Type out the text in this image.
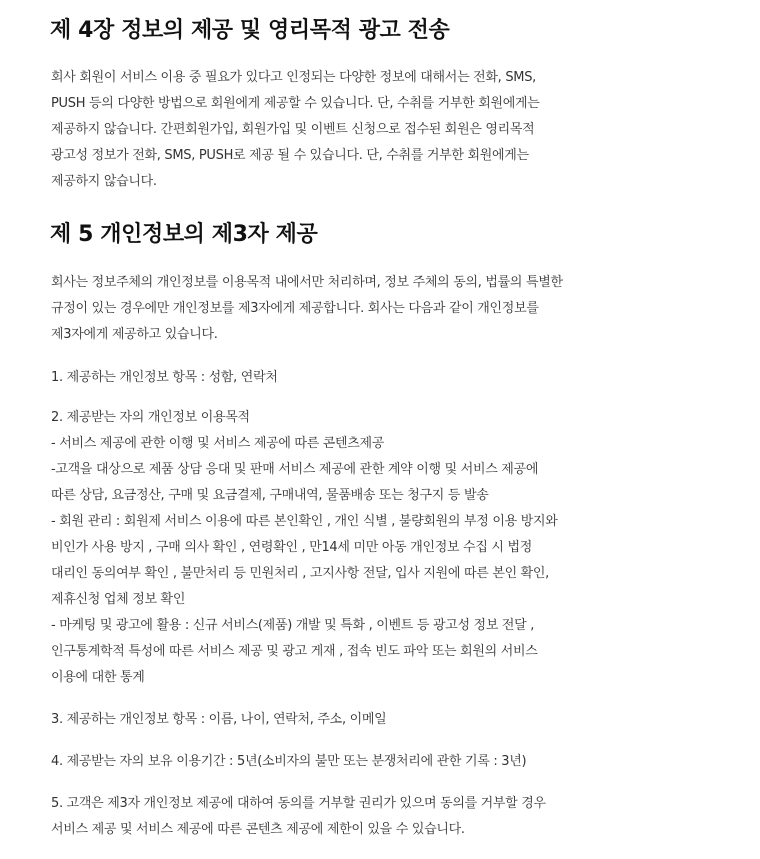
제 4장 정보의 제공 및 영리목적 광고 전송

회사 회원이 서비스 이용 중 필요가 있다고 인정되는 다양한 정보에 대해서는 전화, SMS,
PUSH 등의 다양한 방법으로 회원에게 제공할 수 있습니다. 단, 수취를 거부한 회원에게는
제공하지 않습니다. 간편회원가입, 회원가입 및 이벤트 신청으로 접수된 회원은 영리목적
광고성 정보가 전화, SMS, PUSH로 제공 될 수 있습니다. 단, 수취를 거부한 회원에게는
제공하지 않습니다.

제 5 개인정보의 제3자 제공

회사는 정보주체의 개인정보를 이용목적 내에서만 처리하며, 정보 주체의 동의, 법률의 특별한
규정이 있는 경우에만 개인정보를 제3자에게 제공합니다. 회사는 다음과 같이 개인정보를
제3자에게 제공하고 있습니다.

1. 제공하는 개인정보 항목 : 성함, 연락처

2. 제공받는 자의 개인정보 이용목적
- 서비스 제공에 관한 이행 및 서비스 제공에 따른 콘텐츠제공
-고객을 대상으로 제품 상담 응대 및 판매 서비스 제공에 관한 계약 이행 및 서비스 제공에
따른 상담, 요금정산, 구매 및 요금결제, 구매내역, 물품배송 또는 청구지 등 발송
- 회원 관리 : 회원제 서비스 이용에 따른 본인확인 , 개인 식별 , 불량회원의 부정 이용 방지와
비인가 사용 방지 , 구매 의사 확인 , 연령확인 , 만14세 미만 아동 개인정보 수집 시 법정
대리인 동의여부 확인 , 불만처리 등 민원처리 , 고지사항 전달, 입사 지원에 따른 본인 확인,
제휴신청 업체 정보 확인
- 마케팅 및 광고에 활용 : 신규 서비스(제품) 개발 및 특화 , 이벤트 등 광고성 정보 전달 ,
인구통계학적 특성에 따른 서비스 제공 및 광고 게재 , 접속 빈도 파악 또는 회원의 서비스
이용에 대한 통계

3. 제공하는 개인정보 항목 : 이름, 나이, 연락처, 주소, 이메일

4. 제공받는 자의 보유 이용기간 : 5년(소비자의 불만 또는 분쟁처리에 관한 기록 : 3년)

5. 고객은 제3자 개인정보 제공에 대하여 동의를 거부할 권리가 있으며 동의를 거부할 경우
서비스 제공 및 서비스 제공에 따른 콘텐츠 제공에 제한이 있을 수 있습니다.
